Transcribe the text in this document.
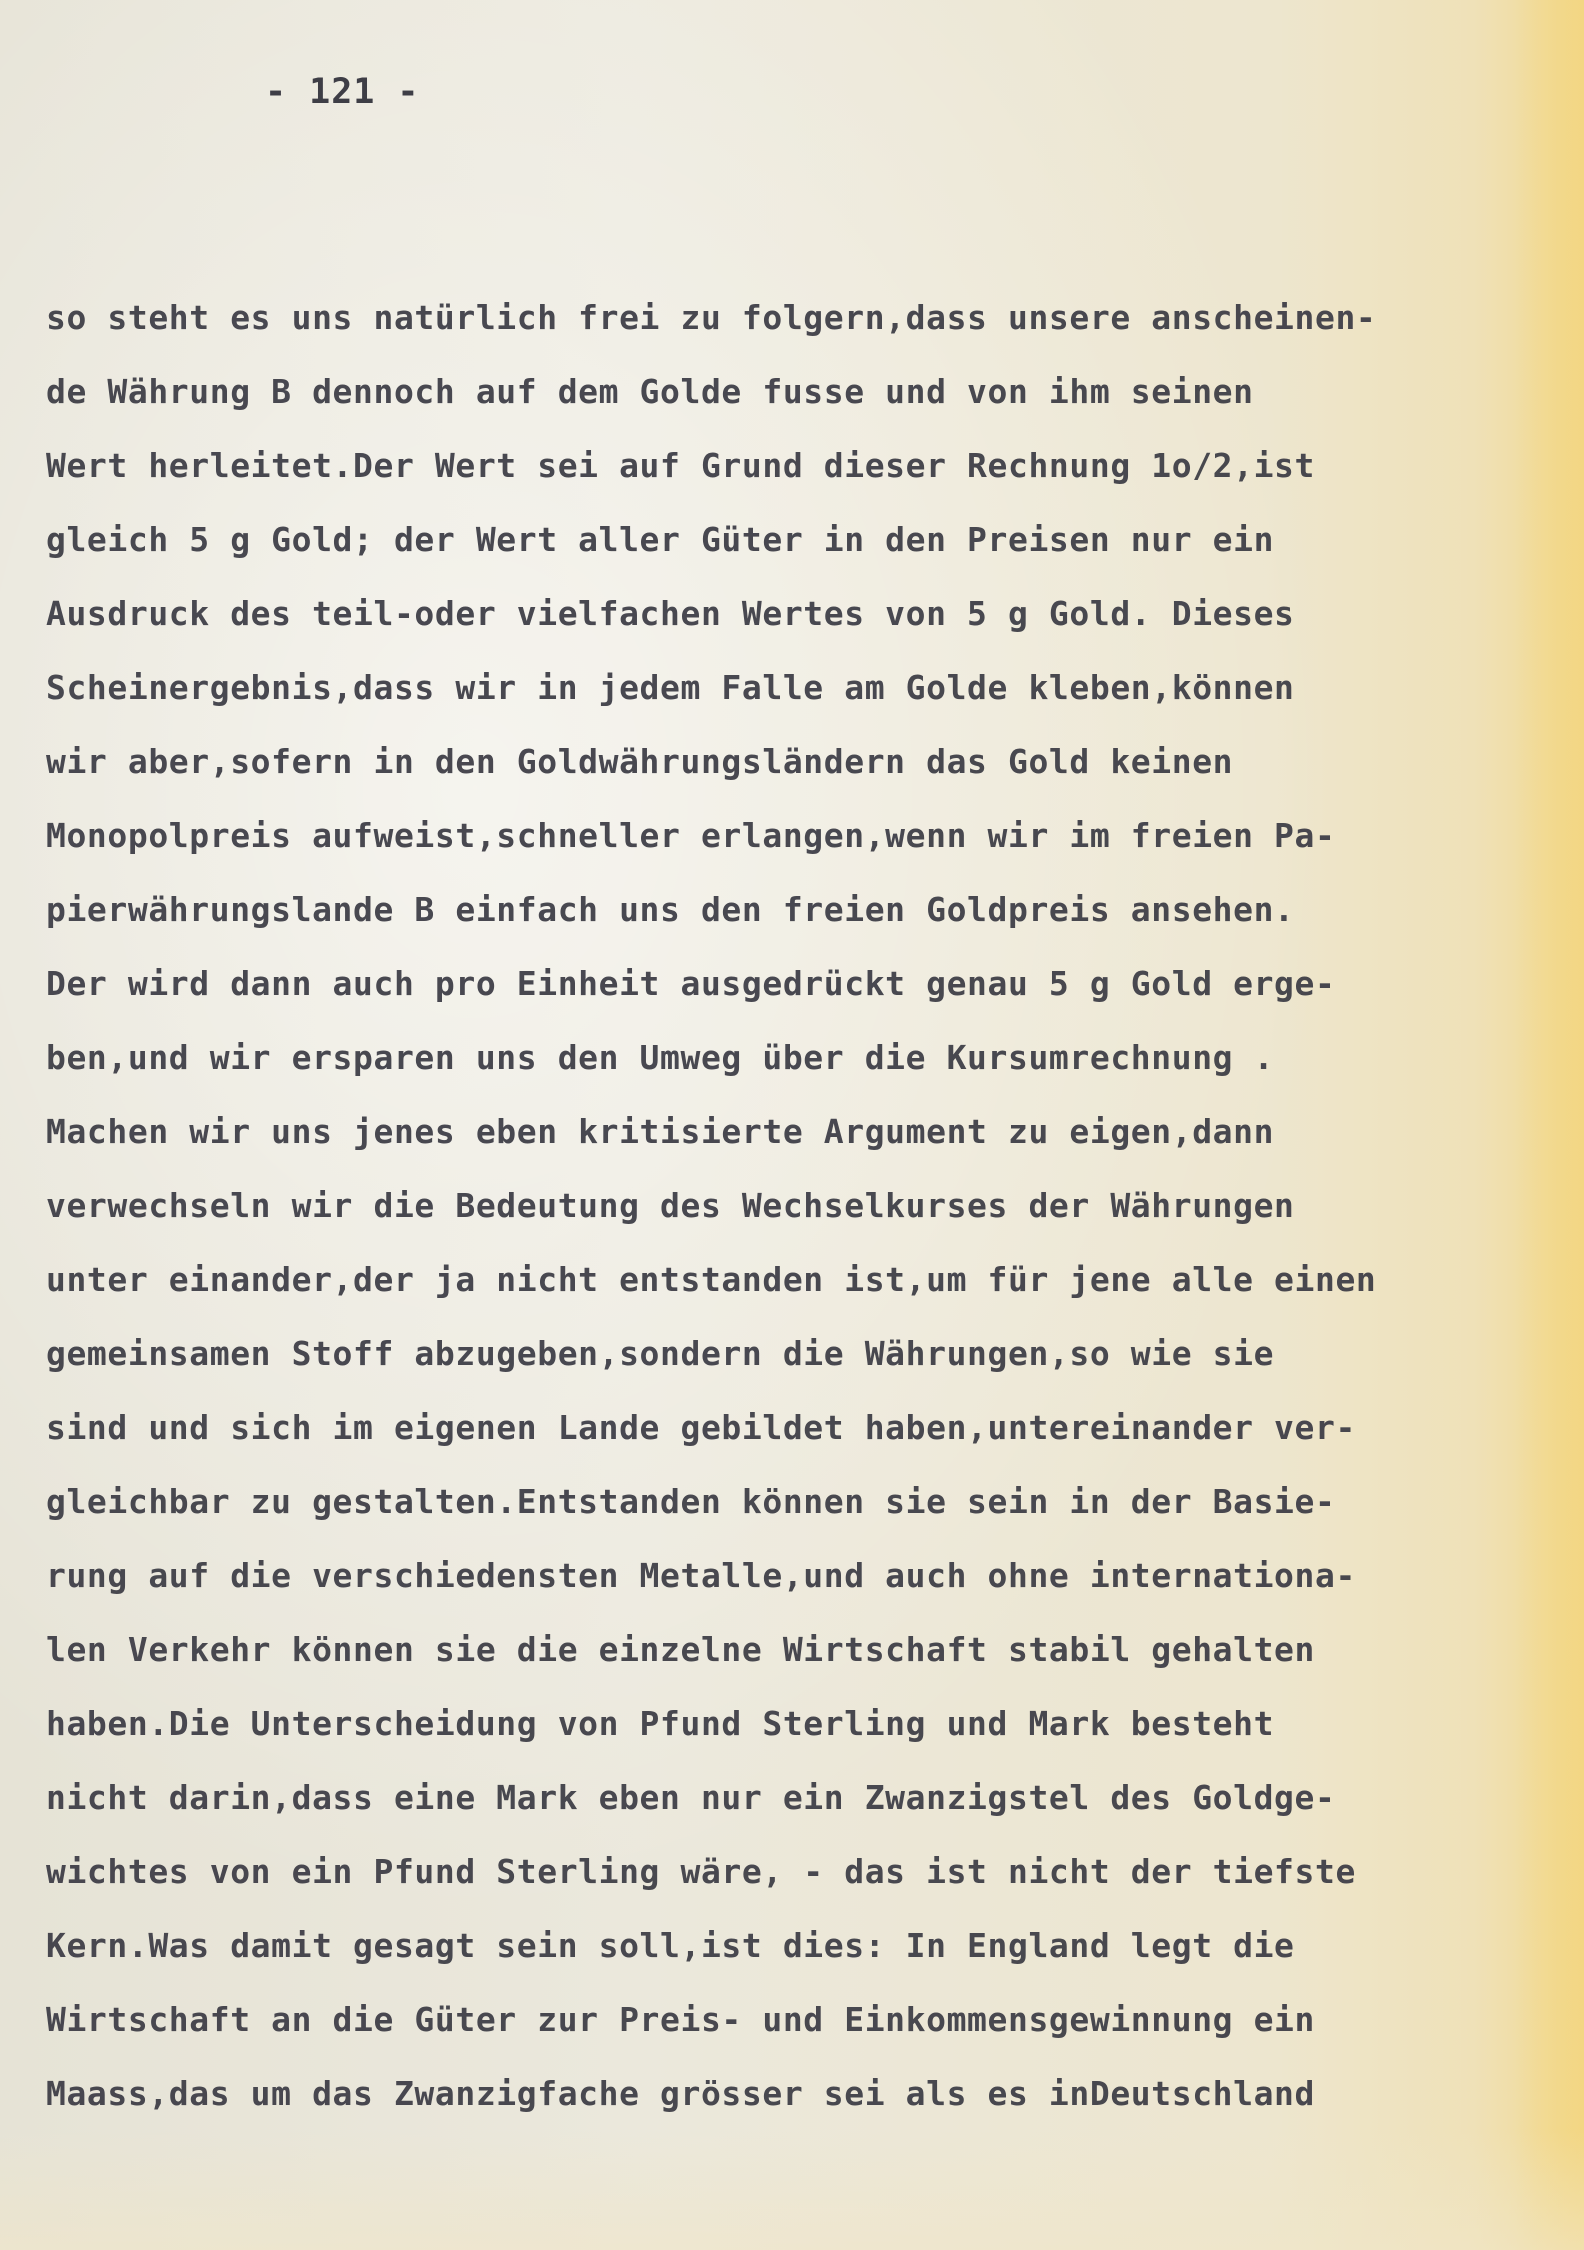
- 121 -
so steht es uns natürlich frei zu folgern,dass unsere anscheinen-
de Währung B dennoch auf dem Golde fusse und von ihm seinen
Wert herleitet.Der Wert sei auf Grund dieser Rechnung 1o/2,ist
gleich 5 g Gold; der Wert aller Güter in den Preisen nur ein
Ausdruck des teil-oder vielfachen Wertes von 5 g Gold. Dieses
Scheinergebnis,dass wir in jedem Falle am Golde kleben,können
wir aber,sofern in den Goldwährungsländern das Gold keinen
Monopolpreis aufweist,schneller erlangen,wenn wir im freien Pa-
pierwährungslande B einfach uns den freien Goldpreis ansehen.
Der wird dann auch pro Einheit ausgedrückt genau 5 g Gold erge-
ben,und wir ersparen uns den Umweg über die Kursumrechnung .
Machen wir uns jenes eben kritisierte Argument zu eigen,dann
verwechseln wir die Bedeutung des Wechselkurses der Währungen
unter einander,der ja nicht entstanden ist,um für jene alle einen
gemeinsamen Stoff abzugeben,sondern die Währungen,so wie sie
sind und sich im eigenen Lande gebildet haben,untereinander ver-
gleichbar zu gestalten.Entstanden können sie sein in der Basie-
rung auf die verschiedensten Metalle,und auch ohne internationa-
len Verkehr können sie die einzelne Wirtschaft stabil gehalten
haben.Die Unterscheidung von Pfund Sterling und Mark besteht
nicht darin,dass eine Mark eben nur ein Zwanzigstel des Goldge-
wichtes von ein Pfund Sterling wäre, - das ist nicht der tiefste
Kern.Was damit gesagt sein soll,ist dies: In England legt die
Wirtschaft an die Güter zur Preis- und Einkommensgewinnung ein
Maass,das um das Zwanzigfache grösser sei als es inDeutschland
